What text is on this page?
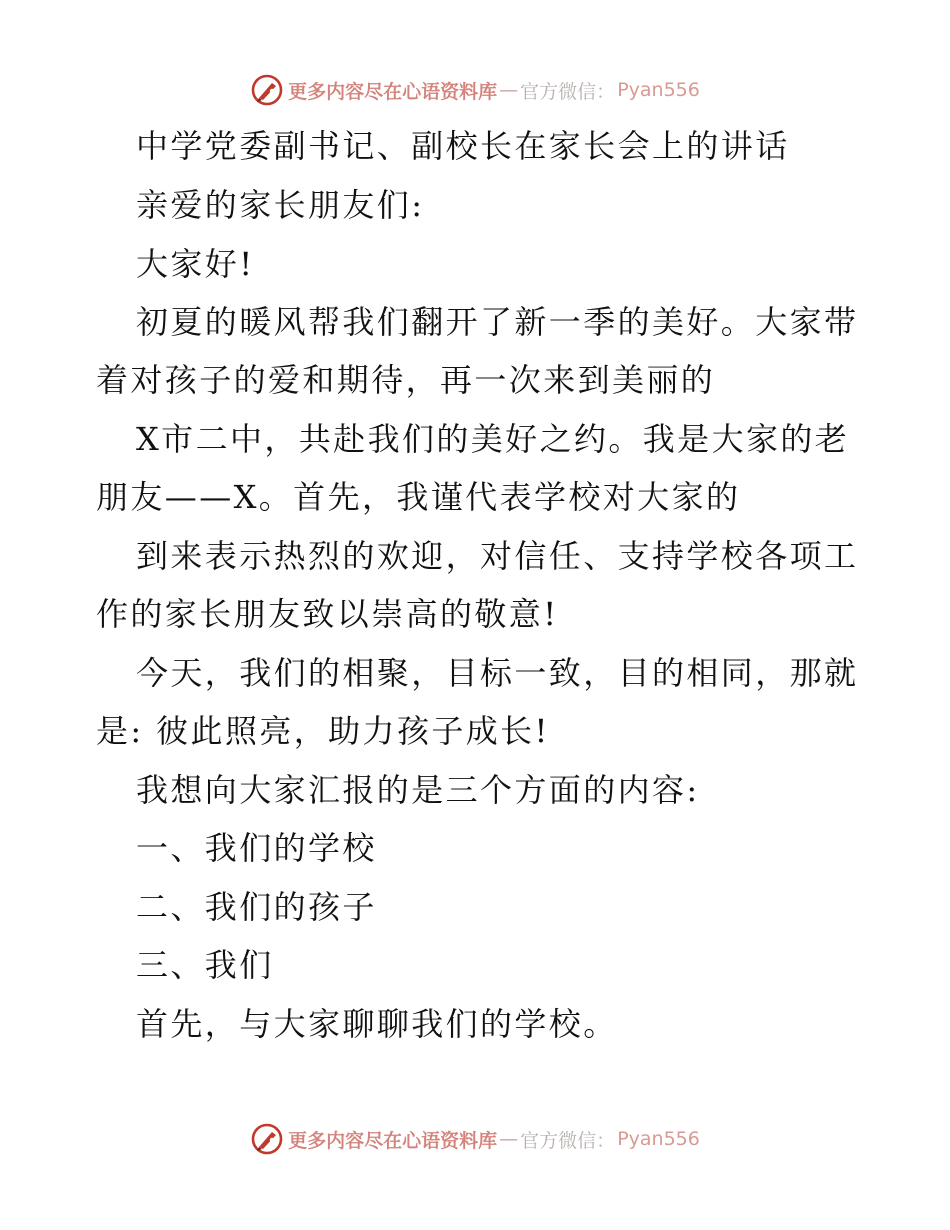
更多内容尽在心语资料库 — 官方微信： Pyan556
中学党委副书记、副校长在家长会上的讲话
亲爱的家长朋友们:
大家好!
初夏的暖风帮我们翻开了新一季的美好。大家带
着对孩子的爱和期待，再一次来到美丽的
X市二中，共赴我们的美好之约。我是大家的老
朋友——X。首先，我谨代表学校对大家的
到来表示热烈的欢迎，对信任、支持学校各项工
作的家长朋友致以崇高的敬意!
今天，我们的相聚，目标一致，目的相同，那就
是: 彼此照亮，助力孩子成长!
我想向大家汇报的是三个方面的内容:
一、我们的学校
二、我们的孩子
三、我们
首先，与大家聊聊我们的学校。
更多内容尽在心语资料库 — 官方微信： Pyan556
